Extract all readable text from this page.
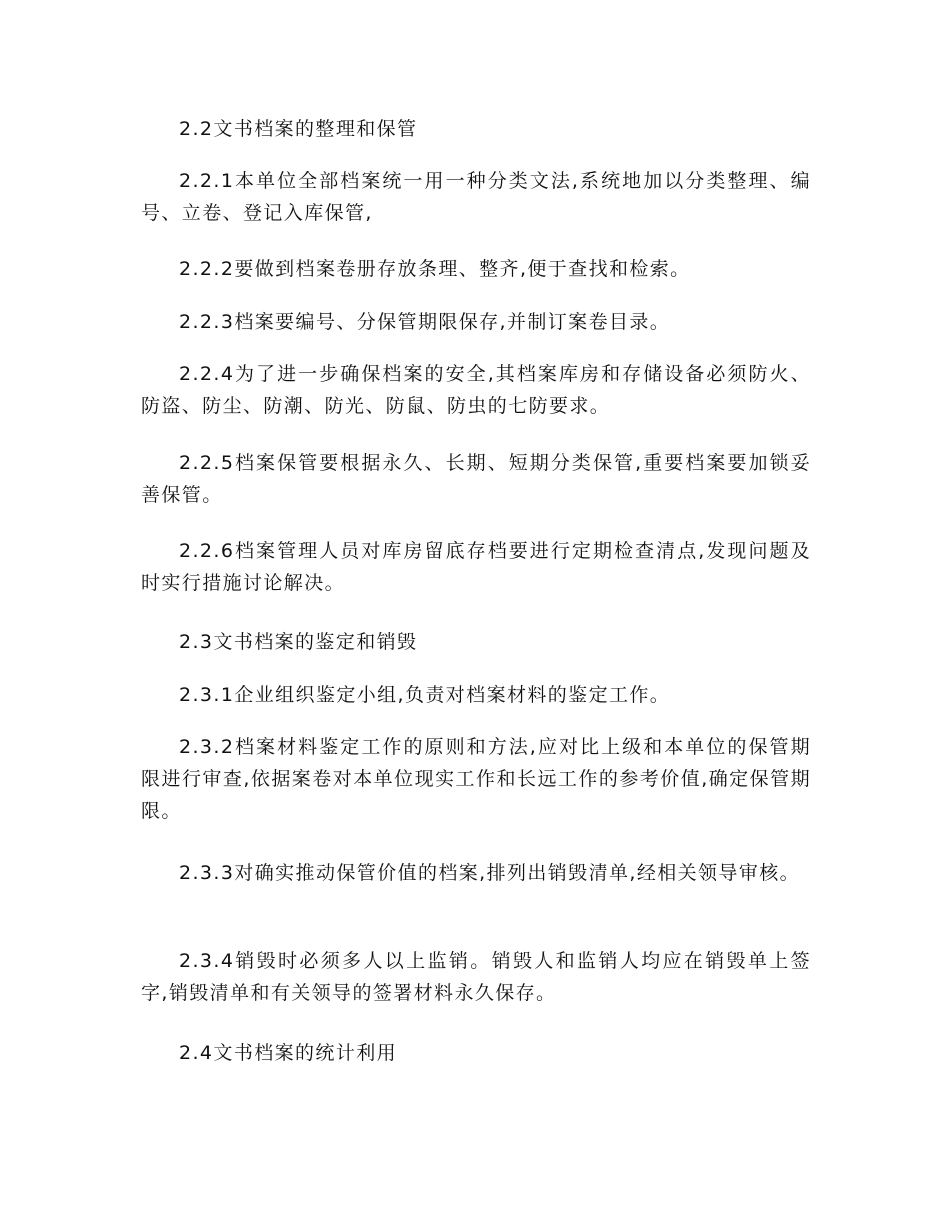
2.2文书档案的整理和保管

2.2.1本单位全部档案统一用一种分类文法,系统地加以分类整理、编号、立卷、登记入库保管,

2.2.2要做到档案卷册存放条理、整齐,便于查找和检索。

2.2.3档案要编号、分保管期限保存,并制订案卷目录。

2.2.4为了进一步确保档案的安全,其档案库房和存储设备必须防火、防盗、防尘、防潮、防光、防鼠、防虫的七防要求。

2.2.5档案保管要根据永久、长期、短期分类保管,重要档案要加锁妥善保管。

2.2.6档案管理人员对库房留底存档要进行定期检查清点,发现问题及时实行措施讨论解决。

2.3文书档案的鉴定和销毁

2.3.1企业组织鉴定小组,负责对档案材料的鉴定工作。

2.3.2档案材料鉴定工作的原则和方法,应对比上级和本单位的保管期限进行审查,依据案卷对本单位现实工作和长远工作的参考价值,确定保管期限。

2.3.3对确实推动保管价值的档案,排列出销毁清单,经相关领导审核。

2.3.4销毁时必须多人以上监销。销毁人和监销人均应在销毁单上签字,销毁清单和有关领导的签署材料永久保存。

2.4文书档案的统计利用
